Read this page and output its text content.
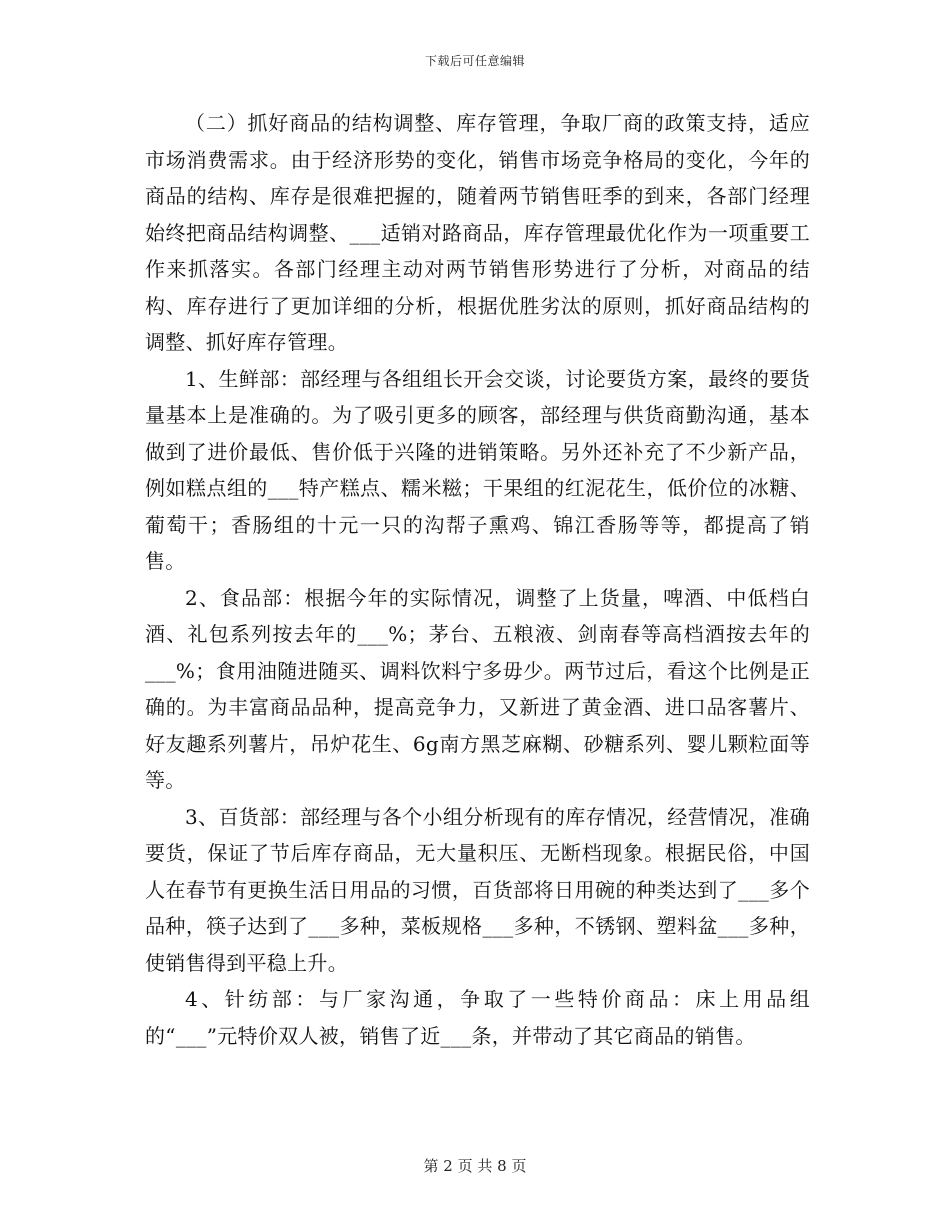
下载后可任意编辑

（二）抓好商品的结构调整、库存管理，争取厂商的政策支持，适应市场消费需求。由于经济形势的变化，销售市场竞争格局的变化，今年的商品的结构、库存是很难把握的，随着两节销售旺季的到来，各部门经理始终把商品结构调整、___适销对路商品，库存管理最优化作为一项重要工作来抓落实。各部门经理主动对两节销售形势进行了分析，对商品的结构、库存进行了更加详细的分析，根据优胜劣汰的原则，抓好商品结构的调整、抓好库存管理。

1、生鲜部：部经理与各组组长开会交谈，讨论要货方案，最终的要货量基本上是准确的。为了吸引更多的顾客，部经理与供货商勤沟通，基本做到了进价最低、售价低于兴隆的进销策略。另外还补充了不少新产品，例如糕点组的___特产糕点、糯米糍；干果组的红泥花生，低价位的冰糖、葡萄干；香肠组的十元一只的沟帮子熏鸡、锦江香肠等等，都提高了销售。

2、食品部：根据今年的实际情况，调整了上货量，啤酒、中低档白酒、礼包系列按去年的___%；茅台、五粮液、剑南春等高档酒按去年的___%；食用油随进随买、调料饮料宁多毋少。两节过后，看这个比例是正确的。为丰富商品品种，提高竞争力，又新进了黄金酒、进口品客薯片、好友趣系列薯片，吊炉花生、6g南方黑芝麻糊、砂糖系列、婴儿颗粒面等等。

3、百货部：部经理与各个小组分析现有的库存情况，经营情况，准确要货，保证了节后库存商品，无大量积压、无断档现象。根据民俗，中国人在春节有更换生活日用品的习惯，百货部将日用碗的种类达到了___多个品种，筷子达到了___多种，菜板规格___多种，不锈钢、塑料盆___多种，使销售得到平稳上升。

4、针纺部：与厂家沟通，争取了一些特价商品：床上用品组的“___”元特价双人被，销售了近___条，并带动了其它商品的销售。

第 2 页 共 8 页
